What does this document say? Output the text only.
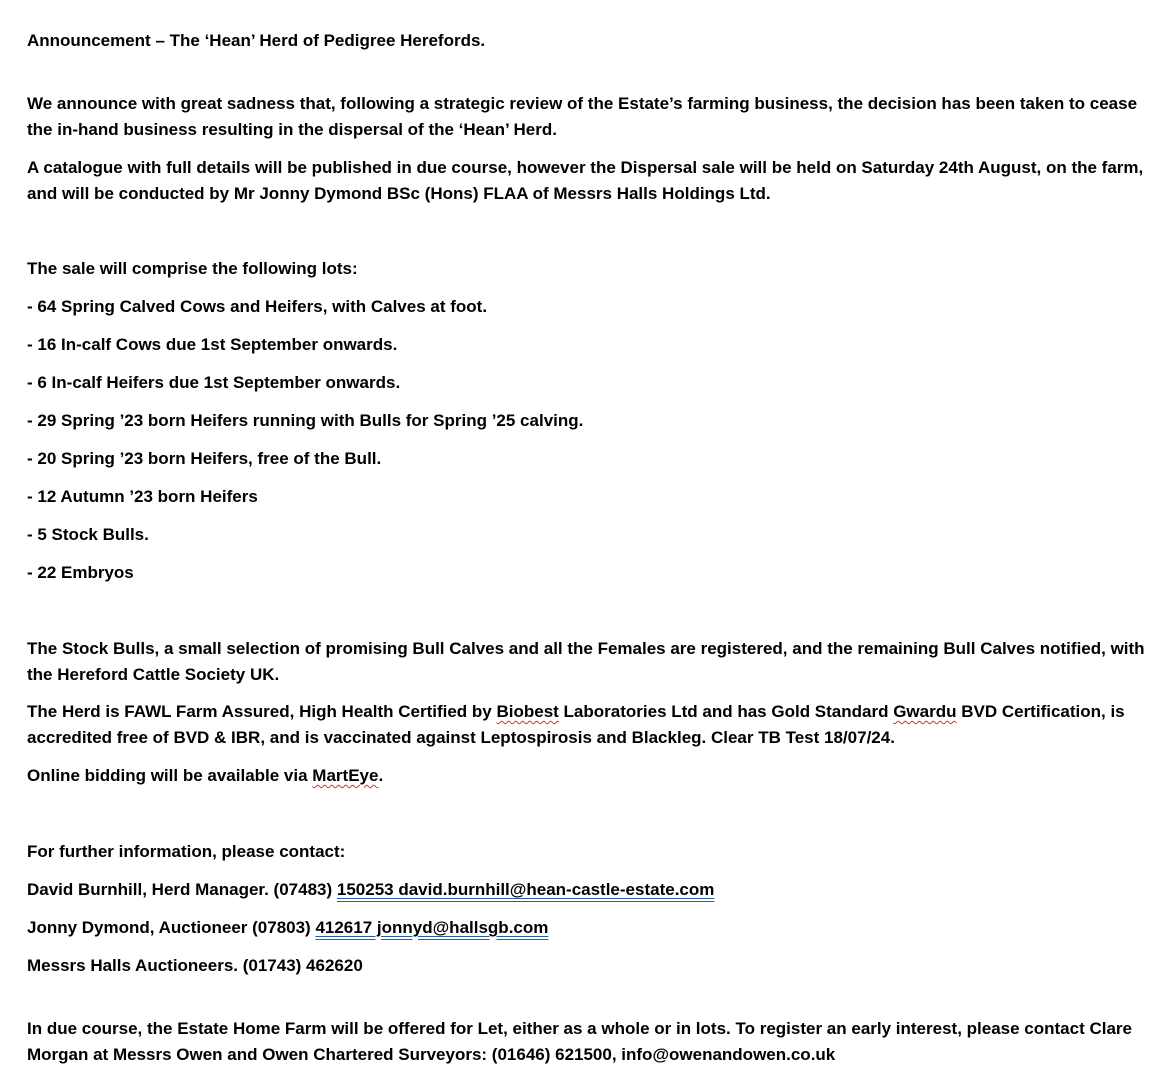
Announcement – The ‘Hean’ Herd of Pedigree Herefords.
We announce with great sadness that, following a strategic review of the Estate’s farming business, the decision has been taken to cease the in-hand business resulting in the dispersal of the ‘Hean’ Herd.
A catalogue with full details will be published in due course, however the Dispersal sale will be held on Saturday 24th August, on the farm, and will be conducted by Mr Jonny Dymond BSc (Hons) FLAA of Messrs Halls Holdings Ltd.
The sale will comprise the following lots:
- 64 Spring Calved Cows and Heifers, with Calves at foot.
- 16 In-calf Cows due 1st September onwards.
- 6 In-calf Heifers due 1st September onwards.
- 29 Spring ’23 born Heifers running with Bulls for Spring ’25 calving.
- 20 Spring ’23 born Heifers, free of the Bull.
- 12 Autumn ’23 born Heifers
- 5 Stock Bulls.
- 22 Embryos
The Stock Bulls, a small selection of promising Bull Calves and all the Females are registered, and the remaining Bull Calves notified, with the Hereford Cattle Society UK.
The Herd is FAWL Farm Assured, High Health Certified by Biobest Laboratories Ltd and has Gold Standard Gwardu BVD Certification, is accredited free of BVD & IBR, and is vaccinated against Leptospirosis and Blackleg. Clear TB Test 18/07/24.
Online bidding will be available via MartEye.
For further information, please contact:
David Burnhill, Herd Manager. (07483) 150253 david.burnhill@hean-castle-estate.com
Jonny Dymond, Auctioneer (07803) 412617 jonnyd@hallsgb.com
Messrs Halls Auctioneers. (01743) 462620
In due course, the Estate Home Farm will be offered for Let, either as a whole or in lots. To register an early interest, please contact Clare Morgan at Messrs Owen and Owen Chartered Surveyors: (01646) 621500, info@owenandowen.co.uk
